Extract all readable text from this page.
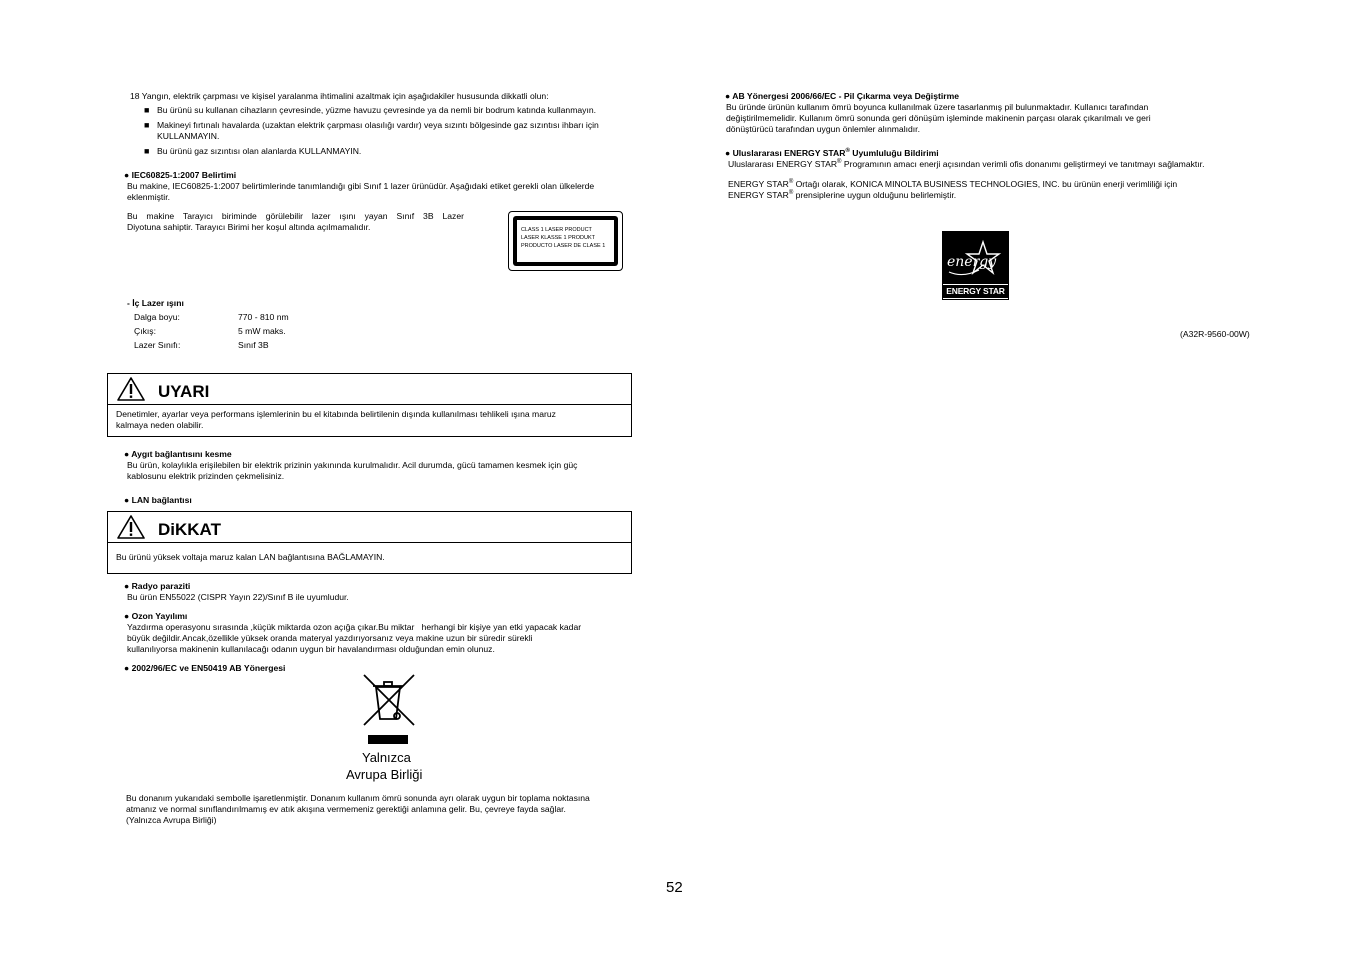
18 Yangın, elektrik çarpması ve kişisel yaralanma ihtimalini azaltmak için aşağıdakiler hususunda dikkatli olun:
■ Bu ürünü su kullanan cihazların çevresinde, yüzme havuzu çevresinde ya da nemli bir bodrum katında kullanmayın.
■ Makineyi fırtınalı havalarda (uzaktan elektrik çarpması olasılığı vardır) veya sızıntı bölgesinde gaz sızıntısı ihbarı için
KULLANMAYIN.
■ Bu ürünü gaz sızıntısı olan alanlarda KULLANMAYIN.
● IEC60825-1:2007 Belirtimi
Bu makine, IEC60825-1:2007 belirtimlerinde tanımlandığı gibi Sınıf 1 lazer ürünüdür. Aşağıdaki etiket gerekli olan ülkelerde
eklenmiştir.
Bu makine Tarayıcı biriminde görülebilir lazer ışını yayan Sınıf 3B Lazer
Diyotuna sahiptir. Tarayıcı Birimi her koşul altında açılmamalıdır.	CLASS 1 LASER PRODUCT
LASER KLASSE 1 PRODUKT
PRODUCTO LASER DE CLASE 1
- İç Lazer ışını
Dalga boyu:	770 - 810 nm
Çıkış:	5 mW maks.
Lazer Sınıfı:	Sınıf 3B
UYARI
Denetimler, ayarlar veya performans işlemlerinin bu el kitabında belirtilenin dışında kullanılması tehlikeli ışına maruz
kalmaya neden olabilir.
● Aygıt bağlantısını kesme
Bu ürün, kolaylıkla erişilebilen bir elektrik prizinin yakınında kurulmalıdır. Acil durumda, gücü tamamen kesmek için güç
kablosunu elektrik prizinden çekmelisiniz.
● LAN bağlantısı
DiKKAT
Bu ürünü yüksek voltaja maruz kalan LAN bağlantısına BAĞLAMAYIN.
● Radyo paraziti
Bu ürün EN55022 (CISPR Yayın 22)/Sınıf B ile uyumludur.
● Ozon Yayılımı
Yazdırma operasyonu sırasında ,küçük miktarda ozon açığa çıkar.Bu miktar   herhangi bir kişiye yan etki yapacak kadar
büyük değildir.Ancak,özellikle yüksek oranda materyal yazdırıyorsanız veya makine uzun bir süredir sürekli
kullanılıyorsa makinenin kullanılacağı odanın uygun bir havalandırması olduğundan emin olunuz.
● 2002/96/EC ve EN50419 AB Yönergesi
Yalnızca
Avrupa Birliği
Bu donanım yukarıdaki sembolle işaretlenmiştir. Donanım kullanım ömrü sonunda ayrı olarak uygun bir toplama noktasına
atmanız ve normal sınıflandırılmamış ev atık akışına vermemeniz gerektiği anlamına gelir. Bu, çevreye fayda sağlar.
(Yalnızca Avrupa Birliği)
● AB Yönergesi 2006/66/EC - Pil Çıkarma veya Değiştirme
Bu üründe ürünün kullanım ömrü boyunca kullanılmak üzere tasarlanmış pil bulunmaktadır. Kullanıcı tarafından
değiştirilmemelidir. Kullanım ömrü sonunda geri dönüşüm işleminde makinenin parçası olarak çıkarılmalı ve geri
dönüştürücü tarafından uygun önlemler alınmalıdır.
● Uluslararası ENERGY STAR® Uyumluluğu Bildirimi
Uluslararası ENERGY STAR® Programının amacı enerji açısından verimli ofis donanımı geliştirmeyi ve tanıtmayı sağlamaktır.
ENERGY STAR® Ortağı olarak, KONICA MINOLTA BUSINESS TECHNOLOGIES, INC. bu ürünün enerji verimliliği için
ENERGY STAR® prensiplerine uygun olduğunu belirlemiştir.
energy
ENERGY STAR
(A32R-9560-00W)
52
